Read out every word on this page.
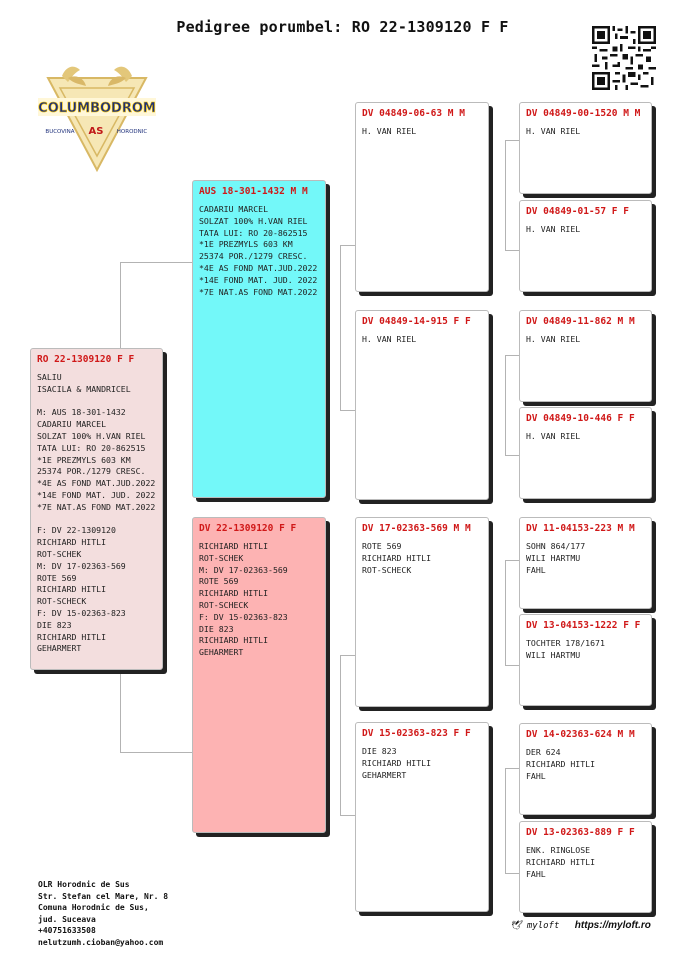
Pedigree porumbel: RO 22-1309120 F F
COLUMBODROM
BUCOVINA AS HORODNIC
RO 22-1309120 F F
SALIU
ISACILA & MANDRICEL

M: AUS 18-301-1432
CADARIU MARCEL
SOLZAT 100% H.VAN RIEL
TATA LUI: RO 20-862515
*1E PREZMYLS 603 KM
25374 POR./1279 CRESC.
*4E AS FOND MAT.JUD.2022
*14E FOND MAT. JUD. 2022
*7E NAT.AS FOND MAT.2022

F: DV 22-1309120
RICHIARD HITLI
ROT-SCHEK
M: DV 17-02363-569
ROTE 569
RICHIARD HITLI
ROT-SCHECK
F: DV 15-02363-823
DIE 823
RICHIARD HITLI
GEHARMERT
AUS 18-301-1432 M M
CADARIU MARCEL
SOLZAT 100% H.VAN RIEL
TATA LUI: RO 20-862515
*1E PREZMYLS 603 KM
25374 POR./1279 CRESC.
*4E AS FOND MAT.JUD.2022
*14E FOND MAT. JUD. 2022
*7E NAT.AS FOND MAT.2022
DV 22-1309120 F F
RICHIARD HITLI
ROT-SCHEK
M: DV 17-02363-569
ROTE 569
RICHIARD HITLI
ROT-SCHECK
F: DV 15-02363-823
DIE 823
RICHIARD HITLI
GEHARMERT
DV 04849-06-63 M M
H. VAN RIEL
DV 04849-14-915 F F
H. VAN RIEL
DV 17-02363-569 M M
ROTE 569
RICHIARD HITLI
ROT-SCHECK
DV 15-02363-823 F F
DIE 823
RICHIARD HITLI
GEHARMERT
DV 04849-00-1520 M M
H. VAN RIEL
DV 04849-01-57 F F
H. VAN RIEL
DV 04849-11-862 M M
H. VAN RIEL
DV 04849-10-446 F F
H. VAN RIEL
DV 11-04153-223 M M
SOHN 864/177
WILI HARTMU
FAHL
DV 13-04153-1222 F F
TOCHTER 178/1671
WILI HARTMU
DV 14-02363-624 M M
DER 624
RICHIARD HITLI
FAHL
DV 13-02363-889 F F
ENK. RINGLOSE
RICHIARD HITLI
FAHL
OLR Horodnic de Sus
Str. Stefan cel Mare, Nr. 8
Comuna Horodnic de Sus,
jud. Suceava
+40751633508
nelutzumh.cioban@yahoo.com
🕊 myloft https://myloft.ro
